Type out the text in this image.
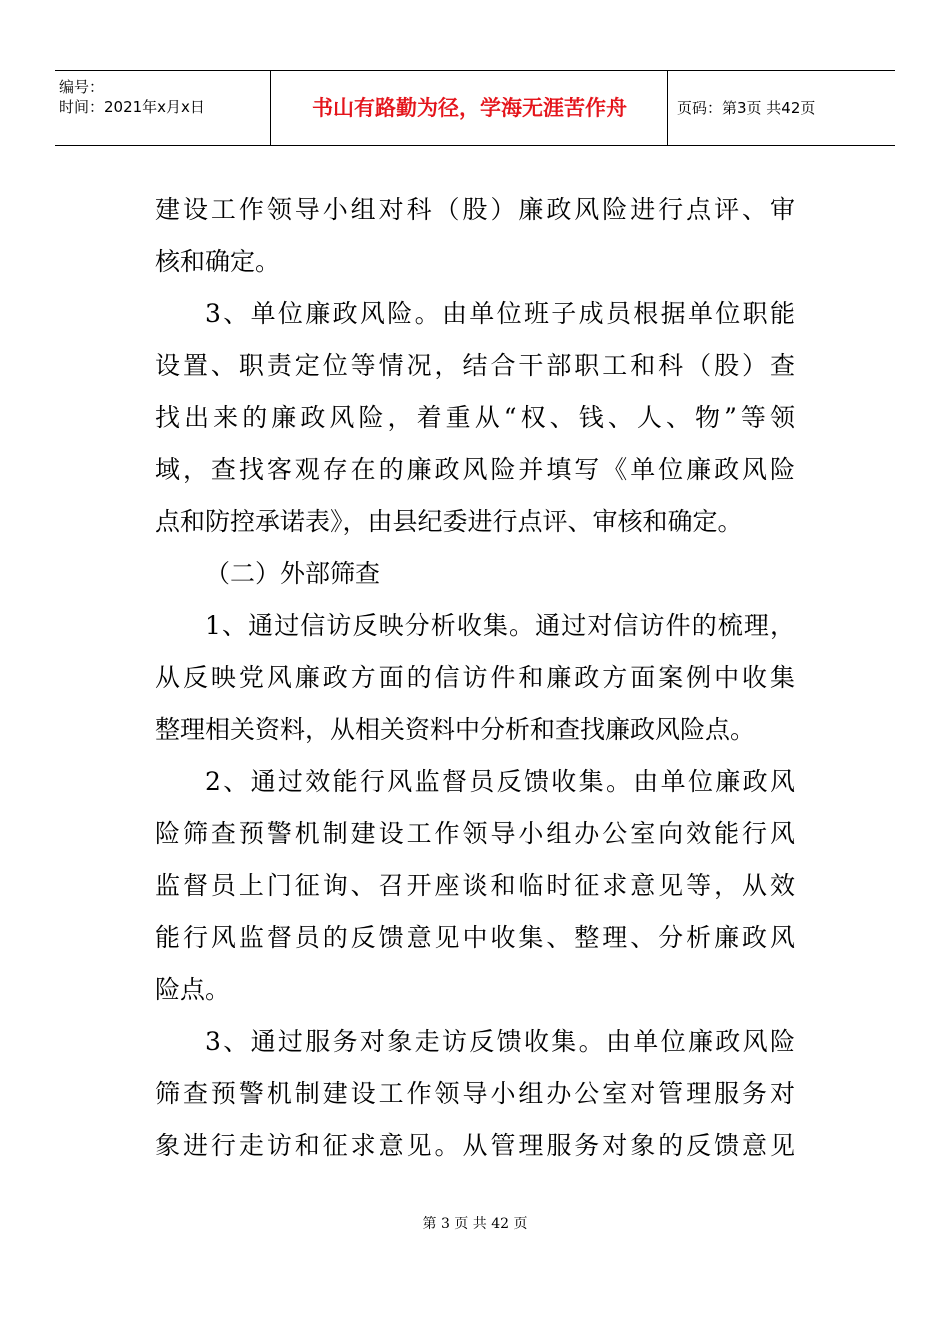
编号：
时间：2021年x月x日	书山有路勤为径，学海无涯苦作舟	页码：第3页 共42页
建设工作领导小组对科（股）廉政风险进行点评、审
核和确定。
3、单位廉政风险。由单位班子成员根据单位职能
设置、职责定位等情况，结合干部职工和科（股）查
找出来的廉政风险，着重从“权、钱、人、物”等领
域，查找客观存在的廉政风险并填写《单位廉政风险
点和防控承诺表》，由县纪委进行点评、审核和确定。
（二）外部筛查
1、通过信访反映分析收集。通过对信访件的梳理，
从反映党风廉政方面的信访件和廉政方面案例中收集
整理相关资料，从相关资料中分析和查找廉政风险点。
2、通过效能行风监督员反馈收集。由单位廉政风
险筛查预警机制建设工作领导小组办公室向效能行风
监督员上门征询、召开座谈和临时征求意见等，从效
能行风监督员的反馈意见中收集、整理、分析廉政风
险点。
3、通过服务对象走访反馈收集。由单位廉政风险
筛查预警机制建设工作领导小组办公室对管理服务对
象进行走访和征求意见。从管理服务对象的反馈意见
第 3 页 共 42 页
